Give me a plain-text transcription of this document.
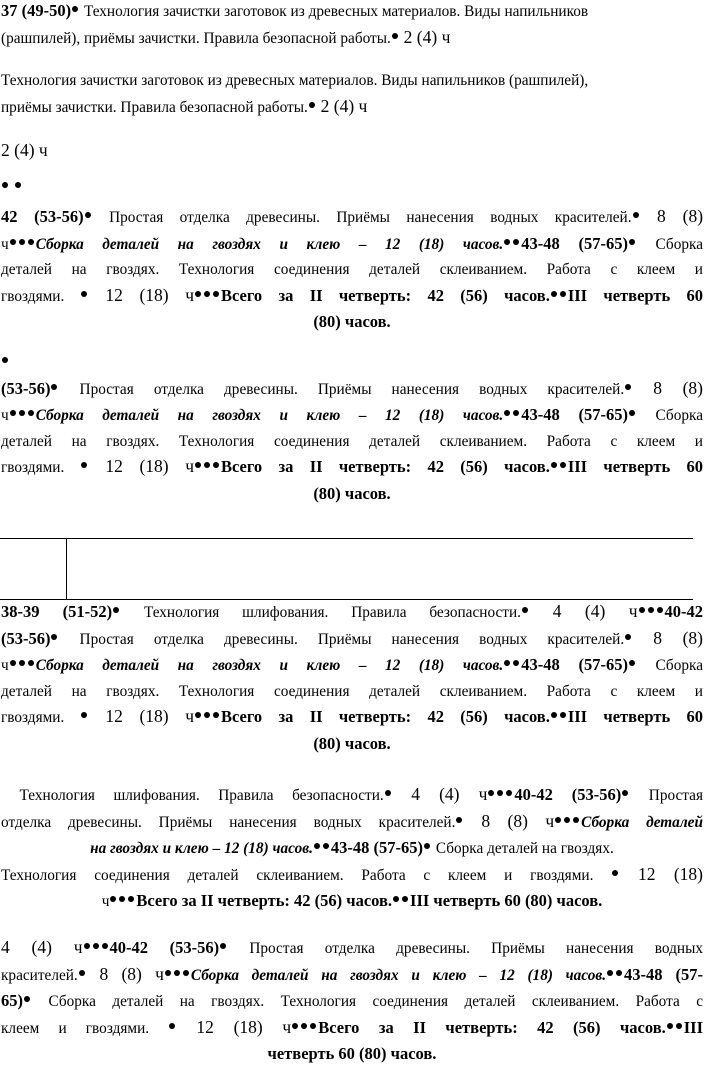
37 (49-50) Технология зачистки заготовок из древесных материалов. Виды напильников
(рашпилей), приёмы зачистки. Правила безопасной работы. 2 (4) ч
Технология зачистки заготовок из древесных материалов. Виды напильников (рашпилей),
приёмы зачистки. Правила безопасной работы. 2 (4) ч
2 (4) ч

42 (53-56) Простая отделка древесины. Приёмы нанесения водных красителей. 8 (8)
ч Сборка деталей на гвоздях и клею – 12 (18) часов. 43-48 (57-65) Сборка
деталей на гвоздях. Технология соединения деталей склеиванием. Работа с клеем и
гвоздями. 12 (18) ч Всего за II четверть: 42 (56) часов. III четверть 60
(80) часов.
(53-56) Простая отделка древесины. Приёмы нанесения водных красителей. 8 (8)
ч Сборка деталей на гвоздях и клею – 12 (18) часов. 43-48 (57-65) Сборка
деталей на гвоздях. Технология соединения деталей склеиванием. Работа с клеем и
гвоздями. 12 (18) ч Всего за II четверть: 42 (56) часов. III четверть 60
(80) часов.
38-39 (51-52) Технология шлифования. Правила безопасности. 4 (4) ч 40-42
(53-56) Простая отделка древесины. Приёмы нанесения водных красителей. 8 (8)
ч Сборка деталей на гвоздях и клею – 12 (18) часов. 43-48 (57-65) Сборка
деталей на гвоздях. Технология соединения деталей склеиванием. Работа с клеем и
гвоздями. 12 (18) ч Всего за II четверть: 42 (56) часов. III четверть 60
(80) часов.
Технология шлифования. Правила безопасности. 4 (4) ч 40-42 (53-56) Простая
отделка древесины. Приёмы нанесения водных красителей. 8 (8) ч Сборка деталей
на гвоздях и клею – 12 (18) часов. 43-48 (57-65) Сборка деталей на гвоздях.
Технология соединения деталей склеиванием. Работа с клеем и гвоздями.	12 (18)
ч Всего за II четверть: 42 (56) часов. III четверть 60 (80) часов.
4 (4) ч 40-42 (53-56) Простая отделка древесины. Приёмы нанесения водных
красителей. 8 (8) ч Сборка деталей на гвоздях и клею – 12 (18) часов. 43-48 (57-
65) Сборка деталей на гвоздях. Технология соединения деталей склеиванием. Работа с
клеем и гвоздями.	12 (18) ч Всего за II четверть: 42 (56) часов. III
четверть 60 (80) часов.
